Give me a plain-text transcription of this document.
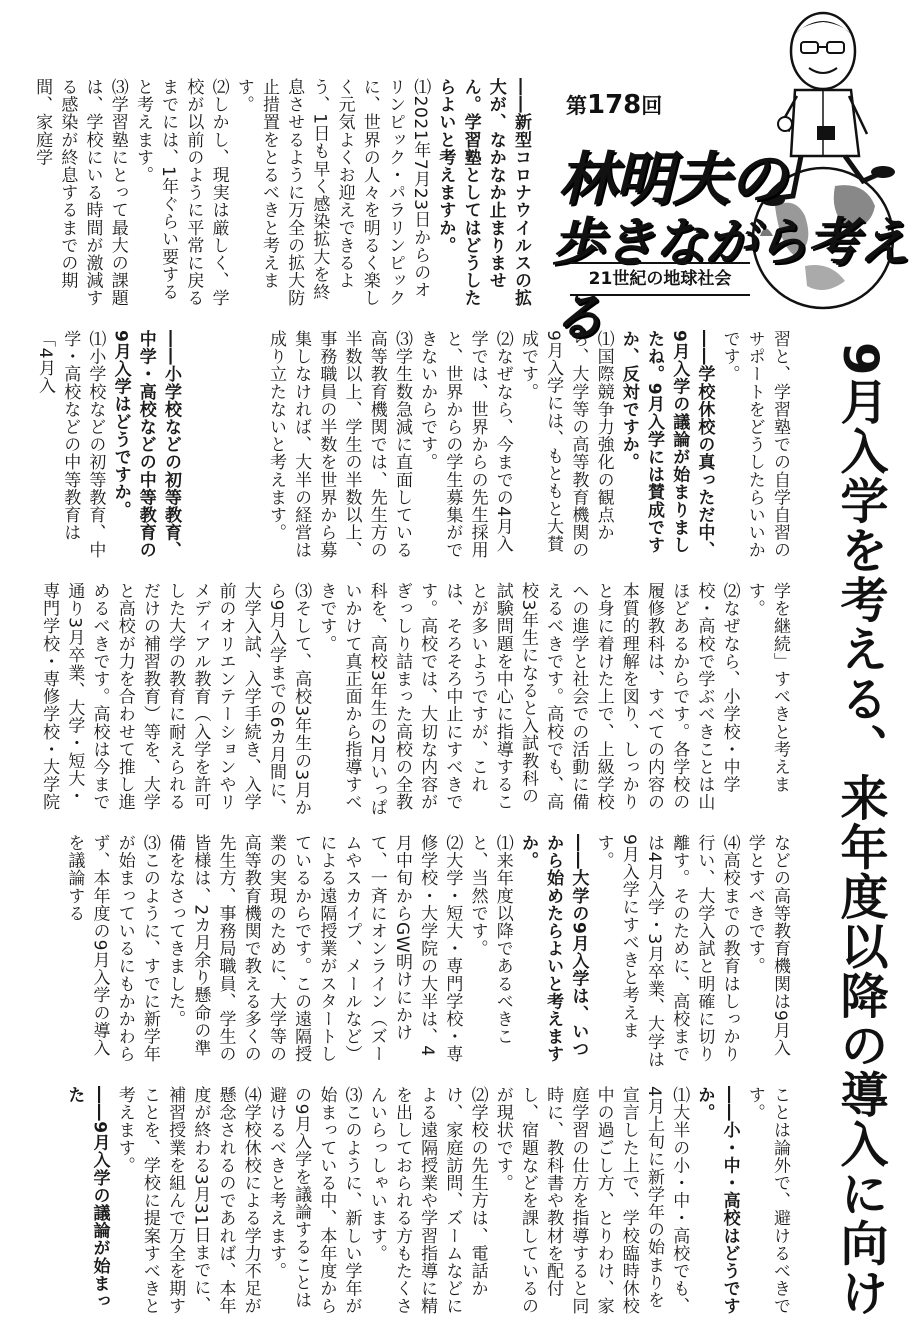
第178回
林明夫の
歩きながら考える
21世紀の地球社会
9月入学を考える、来年度以降の導入に向け

――新型コロナウイルスの拡大が、なかなか止まりません。学習塾としてはどうしたらよいと考えますか。

⑴2021年7月23日からのオリンピック・パラリンピックに、世界の人々を明るく楽しく元気よくお迎えできるよう、1日も早く感染拡大を終息させるように万全の拡大防止措置をとるべきと考えます。

⑵しかし、現実は厳しく、学校が以前のように平常に戻るまでには、1年ぐらい要すると考えます。

⑶学習塾にとって最大の課題は、学校にいる時間が激減する感染が終息するまでの期間、家庭学

習と、学習塾での自学自習のサポートをどうしたらいいかです。

――学校休校の真っただ中、9月入学の議論が始まりましたね。9月入学には賛成ですか、反対ですか。

⑴国際競争力強化の観点から、大学等の高等教育機関の9月入学には、もともと大賛成です。

⑵なぜなら、今までの4月入学では、世界からの先生採用と、世界からの学生募集ができないからです。

⑶学生数急減に直面している高等教育機関では、先生方の半数以上、学生の半数以上、事務職員の半数を世界から募集しなければ、大半の経営は成り立たないと考えます。

――小学校などの初等教育、中学・高校などの中等教育の9月入学はどうですか。

⑴小学校などの初等教育、中学・高校などの中等教育は「4月入

学を継続」すべきと考えます。

⑵なぜなら、小学校・中学校・高校で学ぶべきことは山ほどあるからです。各学校の履修教科は、すべての内容の本質的理解を図り、しっかりと身に着けた上で、上級学校への進学と社会での活動に備えるべきです。高校でも、高校3年生になると入試教科の試験問題を中心に指導することが多いようですが、これは、そろそろ中止にすべきです。高校では、大切な内容がぎっしり詰まった高校の全教科を、高校3年生の2月いっぱいかけて真正面から指導すべきです。

⑶そして、高校3年生の3月から9月入学までの6カ月間に、大学入試、入学手続き、入学前のオリエンテーションやリメディアル教育（入学を許可した大学の教育に耐えられるだけの補習教育）等を、大学と高校が力を合わせて推し進めるべきです。高校は今まで通り3月卒業、大学・短大・専門学校・専修学校・大学院

などの高等教育機関は9月入学とすべきです。

⑷高校までの教育はしっかり行い、大学入試と明確に切り離す。そのために、高校までは4月入学・3月卒業、大学は9月入学にすべきと考えます。

――大学の9月入学は、いつから始めたらよいと考えますか。

⑴来年度以降であるべきこと、当然です。

⑵大学・短大・専門学校・専修学校・大学院の大半は、4月中旬からGW明けにかけて、一斉にオンライン（ズームやスカイプ、メールなど）による遠隔授業がスタートしているからです。この遠隔授業の実現のために、大学等の高等教育機関で教える多くの先生方、事務局職員、学生の皆様は、2カ月余り懸命の準備をなさってきました。

⑶このように、すでに新学年が始まっているにもかかわらず、本年度の9月入学の導入を議論する

ことは論外で、避けるべきです。

――小・中・高校はどうですか。

⑴大半の小・中・高校でも、4月上旬に新学年の始まりを宣言した上で、学校臨時休校中の過ごし方、とりわけ、家庭学習の仕方を指導すると同時に、教科書や教材を配付し、宿題などを課しているのが現状です。

⑵学校の先生方は、電話かけ、家庭訪問、ズームなどによる遠隔授業や学習指導に精を出しておられる方もたくさんいらっしゃいます。

⑶このように、新しい学年が始まっている中、本年度からの9月入学を議論することは避けるべきと考えます。

⑷学校休校による学力不足が懸念されるのであれば、本年度が終わる3月31日までに、補習授業を組んで万全を期すことを、学校に提案すべきと考えます。

――9月入学の議論が始まった
